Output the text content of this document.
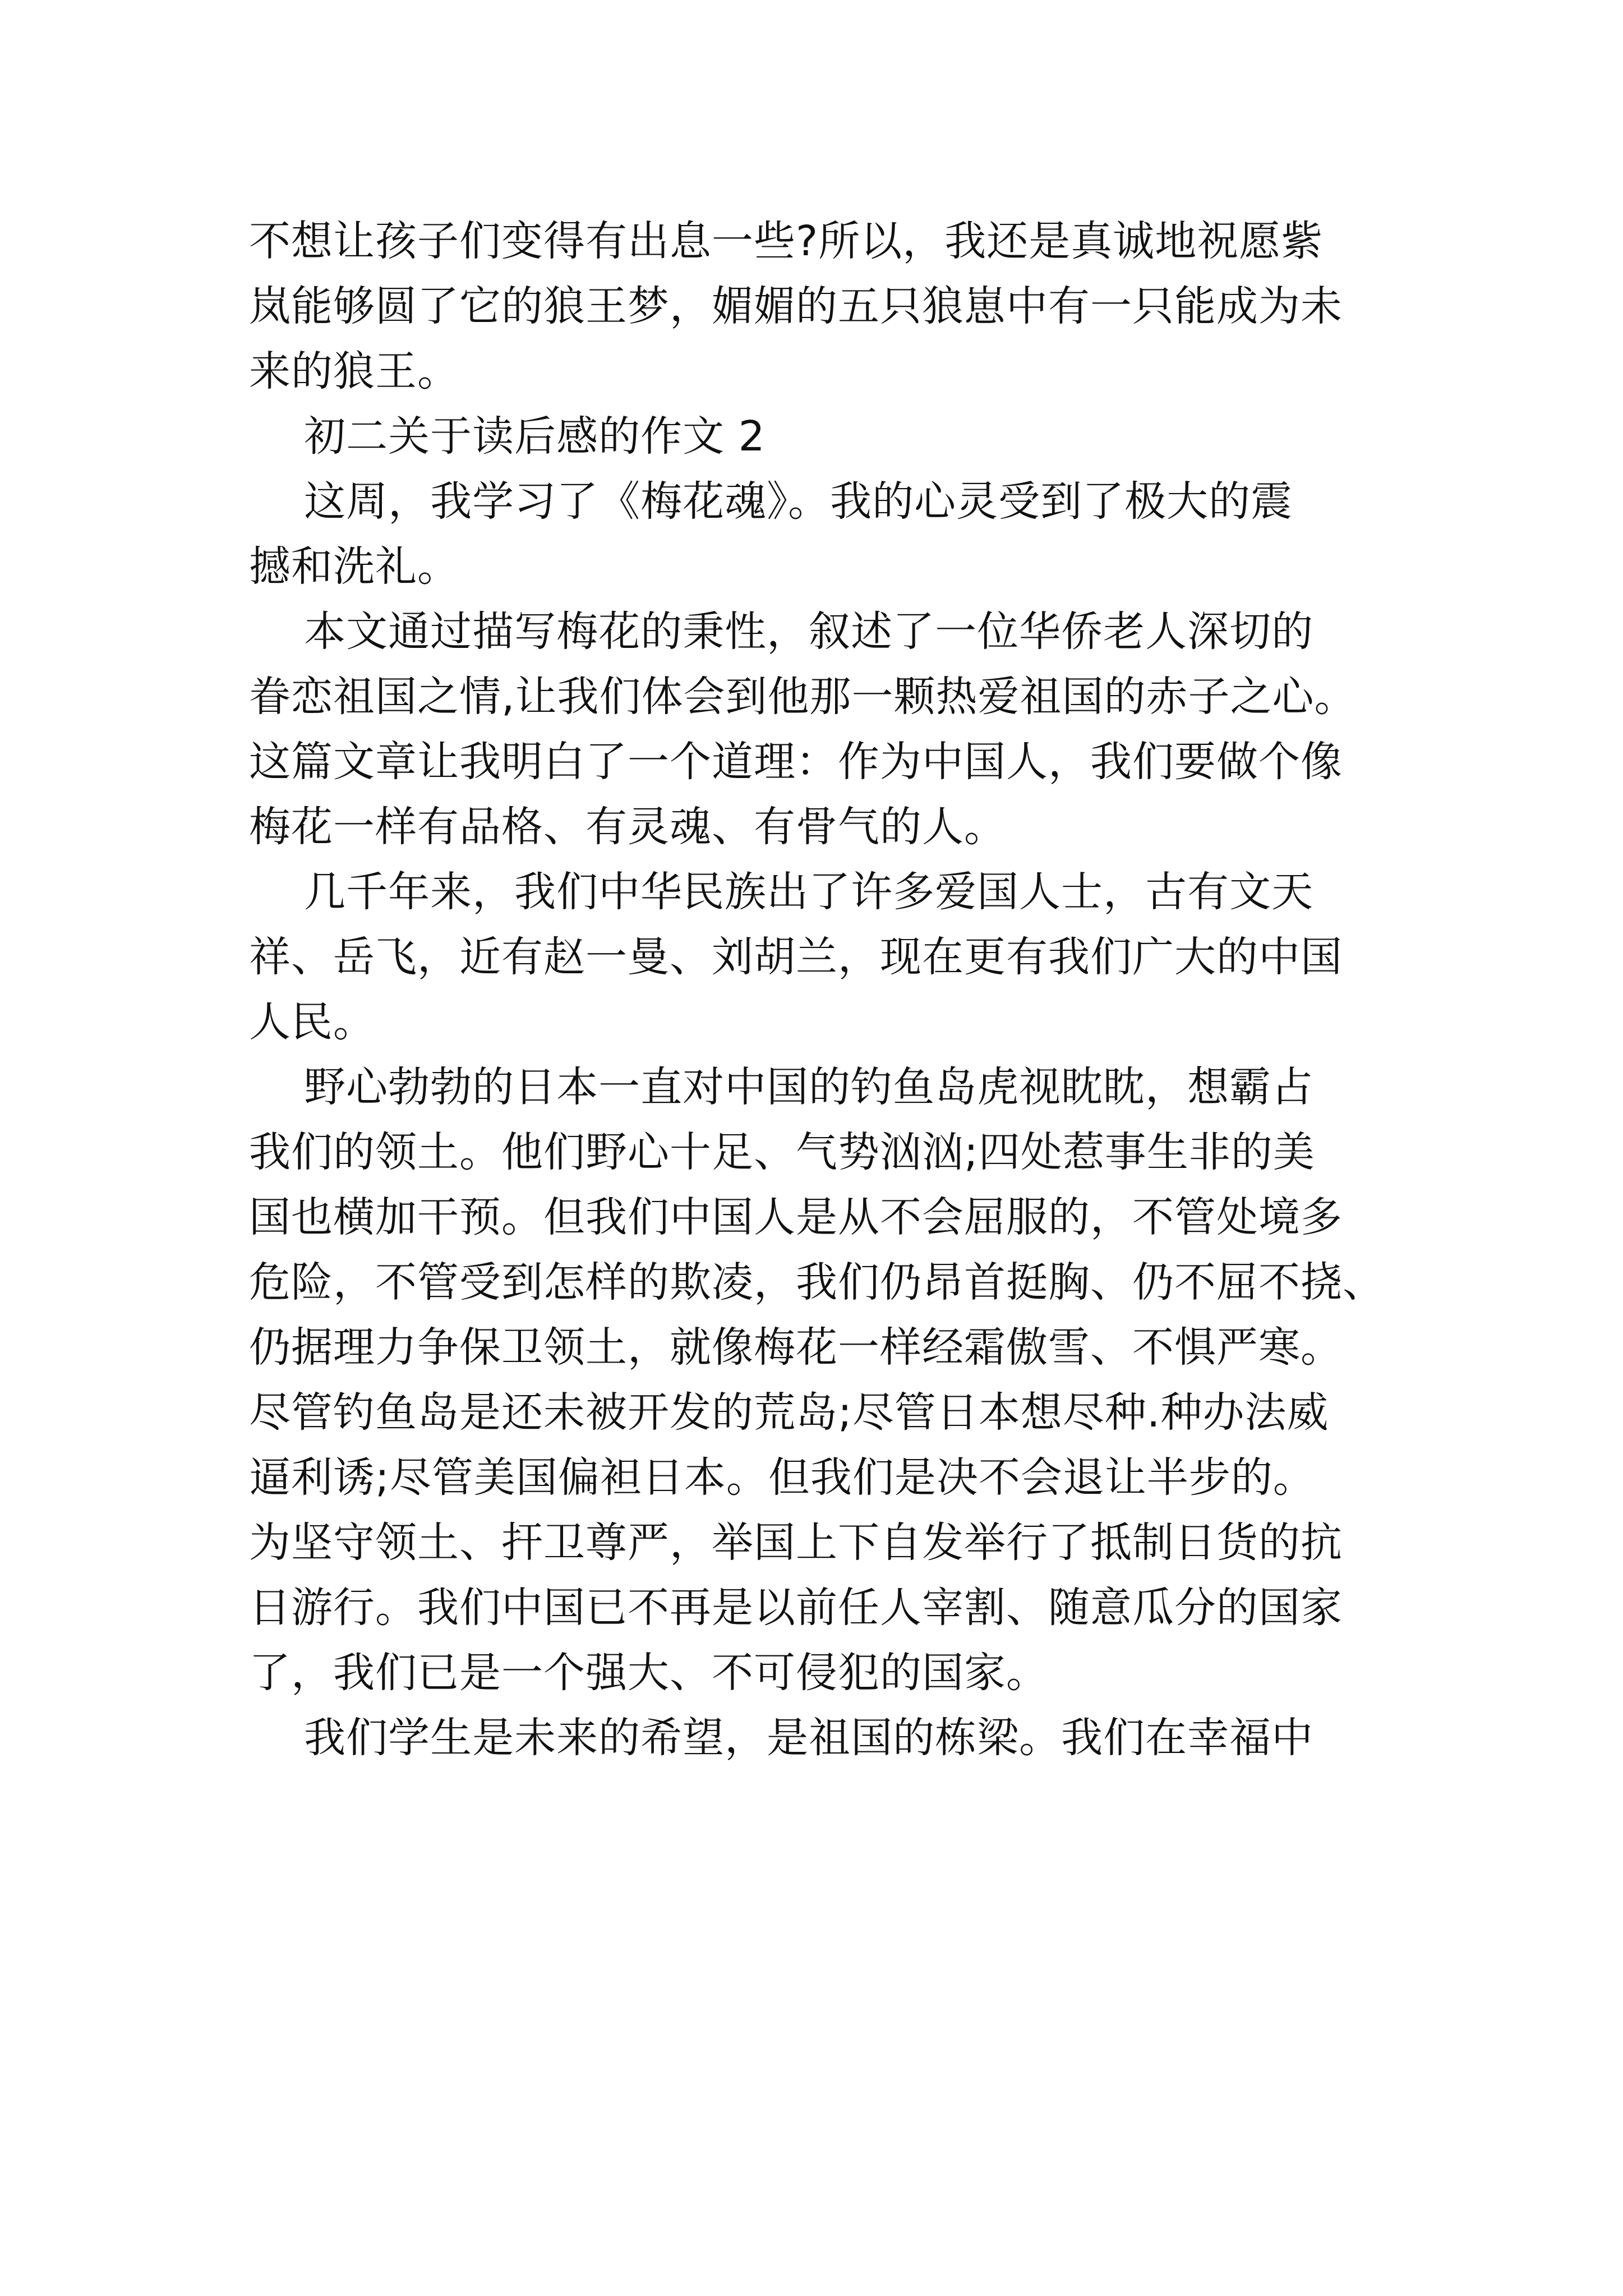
不想让孩子们变得有出息一些?所以，我还是真诚地祝愿紫
岚能够圆了它的狼王梦，媚媚的五只狼崽中有一只能成为未
来的狼王。
初二关于读后感的作文 2
这周，我学习了《梅花魂》。我的心灵受到了极大的震
撼和洗礼。
本文通过描写梅花的秉性，叙述了一位华侨老人深切的
眷恋祖国之情,让我们体会到他那一颗热爱祖国的赤子之心。
这篇文章让我明白了一个道理：作为中国人，我们要做个像
梅花一样有品格、有灵魂、有骨气的人。
几千年来，我们中华民族出了许多爱国人士，古有文天
祥、岳飞，近有赵一曼、刘胡兰，现在更有我们广大的中国
人民。
野心勃勃的日本一直对中国的钓鱼岛虎视眈眈，想霸占
我们的领土。他们野心十足、气势汹汹;四处惹事生非的美
国也横加干预。但我们中国人是从不会屈服的，不管处境多
危险，不管受到怎样的欺凌，我们仍昂首挺胸、仍不屈不挠、
仍据理力争保卫领土，就像梅花一样经霜傲雪、不惧严寒。
尽管钓鱼岛是还未被开发的荒岛;尽管日本想尽种.种办法威
逼利诱;尽管美国偏袒日本。但我们是决不会退让半步的。
为坚守领土、扞卫尊严，举国上下自发举行了抵制日货的抗
日游行。我们中国已不再是以前任人宰割、随意瓜分的国家
了，我们已是一个强大、不可侵犯的国家。
我们学生是未来的希望，是祖国的栋梁。我们在幸福中
